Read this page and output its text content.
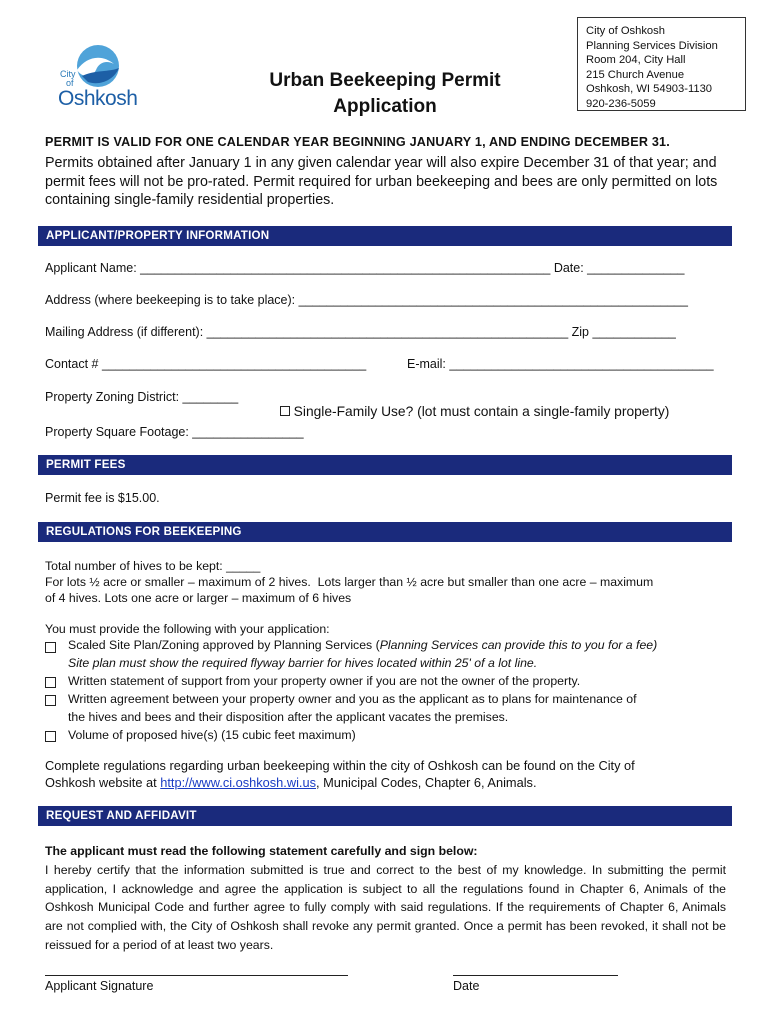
City
of
Oshkosh
Urban Beekeeping Permit
Application
City of Oshkosh
Planning Services Division
Room 204, City Hall
215 Church Avenue
Oshkosh, WI 54903-1130
920-236-5059
PERMIT IS VALID FOR ONE CALENDAR YEAR BEGINNING JANUARY 1, AND ENDING DECEMBER 31.
Permits obtained after January 1 in any given calendar year will also expire December 31 of that year; and permit fees will not be pro-rated. Permit required for urban beekeeping and bees are only permitted on lots containing single-family residential properties.
APPLICANT/PROPERTY INFORMATION
Applicant Name: ___________________________________________________________ Date: ______________
Address (where beekeeping is to take place): ________________________________________________________
Mailing Address (if different): ____________________________________________________ Zip ____________
Contact # ______________________________________	E-mail: ______________________________________
Property Zoning District: ________

Single-Family Use? (lot must contain a single-family property)

Property Square Footage: ________________
PERMIT FEES
Permit fee is $15.00.
REGULATIONS FOR BEEKEEPING
Total number of hives to be kept: _____
For lots ½ acre or smaller – maximum of 2 hives.  Lots larger than ½ acre but smaller than one acre – maximum
of 4 hives. Lots one acre or larger – maximum of 6 hives
You must provide the following with your application:
Scaled Site Plan/Zoning approved by Planning Services (Planning Services can provide this to you for a fee)
Site plan must show the required flyway barrier for hives located within 25' of a lot line.
Written statement of support from your property owner if you are not the owner of the property.
Written agreement between your property owner and you as the applicant as to plans for maintenance of
the hives and bees and their disposition after the applicant vacates the premises.
Volume of proposed hive(s) (15 cubic feet maximum)
Complete regulations regarding urban beekeeping within the city of Oshkosh can be found on the City of
Oshkosh website at http://www.ci.oshkosh.wi.us, Municipal Codes, Chapter 6, Animals.
REQUEST AND AFFIDAVIT
The applicant must read the following statement carefully and sign below:
I hereby certify that the information submitted is true and correct to the best of my knowledge. In submitting the permit application, I acknowledge and agree the application is subject to all the regulations found in Chapter 6, Animals of the Oshkosh Municipal Code and further agree to fully comply with said regulations. If the requirements of Chapter 6, Animals are not complied with, the City of Oshkosh shall revoke any permit granted. Once a permit has been revoked, it shall not be reissued for a period of at least two years.
Applicant Signature	Date
